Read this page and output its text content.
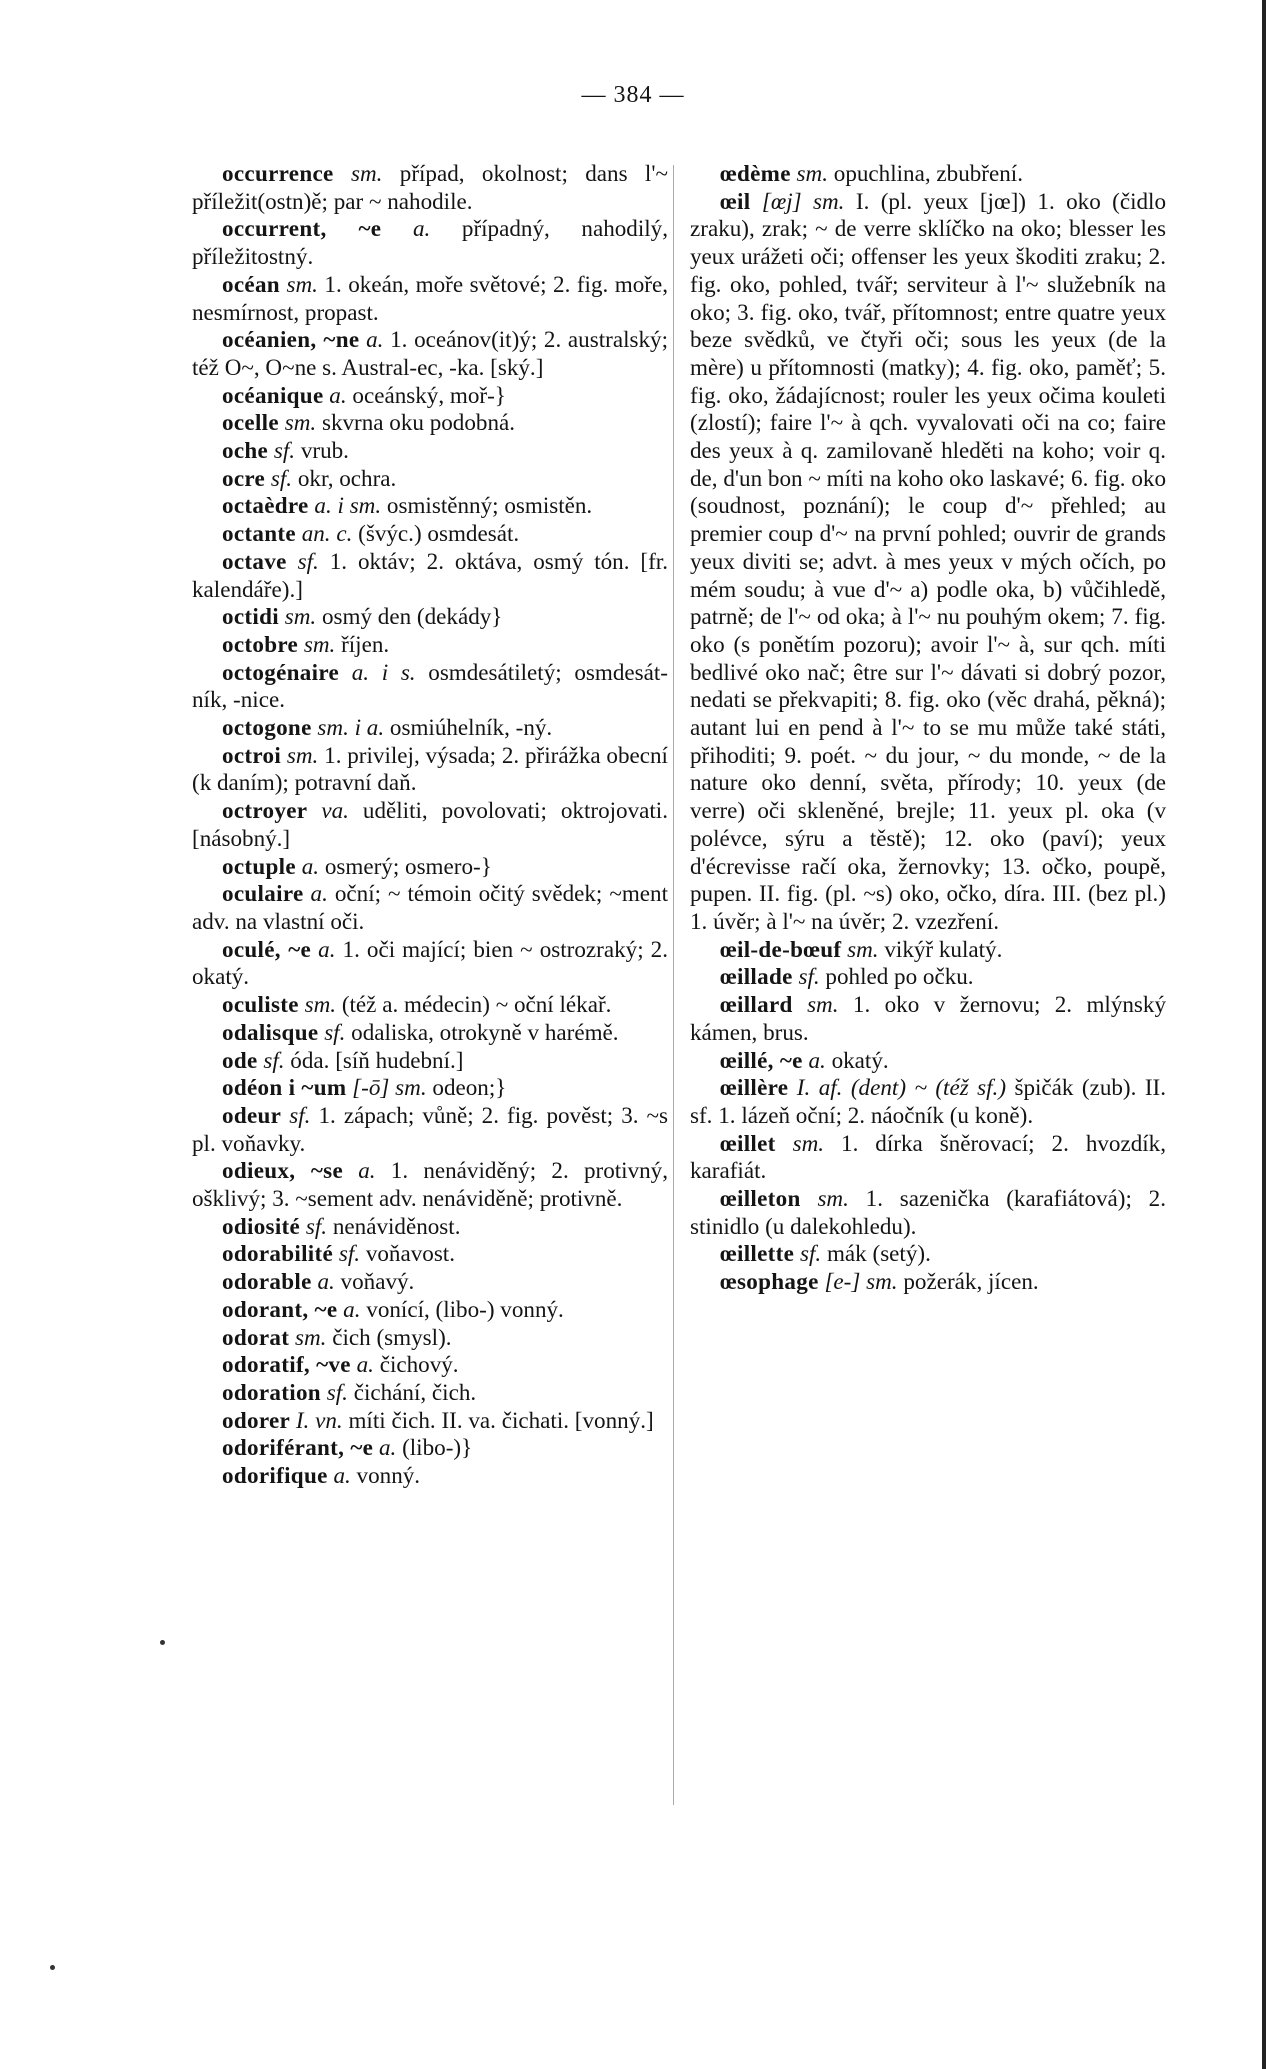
— 384 —

occurrence sm. případ, okolnost; dans l'~ příležit(ostn)ě; par ~ nahodile.

occurrent, ~e a. případný, nahodilý, příležitostný.

océan sm. 1. okeán, moře světové; 2. fig. moře, nesmírnost, propast.

océanien, ~ne a. 1. oceánov(it)ý; 2. australský; též O~, O~ne s. Austral-ec, -ka. [ský.]

océanique a. oceánský, moř-}

ocelle sm. skvrna oku podobná.

oche sf. vrub.

ocre sf. okr, ochra.

octaèdre a. i sm. osmistěnný; osmistěn.

octante an. c. (švýc.) osmdesát.

octave sf. 1. oktáv; 2. oktáva, osmý tón. [fr. kalendáře).]

octidi sm. osmý den (dekády}

octobre sm. říjen.

octogénaire a. i s. osmdesátiletý; osmdesát-ník, -nice.

octogone sm. i a. osmiúhelník, -ný.

octroi sm. 1. privilej, výsada; 2. přirážka obecní (k daním); potravní daň.

octroyer va. uděliti, povolovati; oktrojovati. [násobný.]

octuple a. osmerý; osmero-}

oculaire a. oční; ~ témoin očitý svědek; ~ment adv. na vlastní oči.

oculé, ~e a. 1. oči mající; bien ~ ostrozraký; 2. okatý.

oculiste sm. (též a. médecin) ~ oční lékař.

odalisque sf. odaliska, otrokyně v harémě.

ode sf. óda. [síň hudební.]

odéon i ~um [-ō] sm. odeon;}

odeur sf. 1. zápach; vůně; 2. fig. pověst; 3. ~s pl. voňavky.

odieux, ~se a. 1. nenáviděný; 2. protivný, ošklivý; 3. ~sement adv. nenáviděně; protivně.

odiosité sf. nenáviděnost.

odorabilité sf. voňavost.

odorable a. voňavý.

odorant, ~e a. vonící, (libo-) vonný.

odorat sm. čich (smysl).

odoratif, ~ve a. čichový.

odoration sf. čichání, čich.

odorer I. vn. míti čich. II. va. čichati. [vonný.]

odoriférant, ~e a. (libo-)}

odorifique a. vonný.

œdème sm. opuchlina, zbubření.

œil [œj] sm. I. (pl. yeux [jœ]) 1. oko (čidlo zraku), zrak; ~ de verre sklíčko na oko; blesser les yeux urážeti oči; offenser les yeux škoditi zraku; 2. fig. oko, pohled, tvář; serviteur à l'~ služebník na oko; 3. fig. oko, tvář, přítomnost; entre quatre yeux beze svědků, ve čtyři oči; sous les yeux (de la mère) u přítomnosti (matky); 4. fig. oko, paměť; 5. fig. oko, žádajícnost; rouler les yeux očima kouleti (zlostí); faire l'~ à qch. vyvalovati oči na co; faire des yeux à q. zamilovaně hleděti na koho; voir q. de, d'un bon ~ míti na koho oko laskavé; 6. fig. oko (soudnost, poznání); le coup d'~ přehled; au premier coup d'~ na první pohled; ouvrir de grands yeux diviti se; advt. à mes yeux v mých očích, po mém soudu; à vue d'~ a) podle oka, b) vůčihledě, patrně; de l'~ od oka; à l'~ nu pouhým okem; 7. fig. oko (s ponětím pozoru); avoir l'~ à, sur qch. míti bedlivé oko nač; être sur l'~ dávati si dobrý pozor, nedati se překvapiti; 8. fig. oko (věc drahá, pěkná); autant lui en pend à l'~ to se mu může také státi, přihoditi; 9. poét. ~ du jour, ~ du monde, ~ de la nature oko denní, světa, přírody; 10. yeux (de verre) oči skleněné, brejle; 11. yeux pl. oka (v polévce, sýru a těstě); 12. oko (paví); yeux d'écrevisse račí oka, žernovky; 13. očko, poupě, pupen. II. fig. (pl. ~s) oko, očko, díra. III. (bez pl.) 1. úvěr; à l'~ na úvěr; 2. vzezření.

œil-de-bœuf sm. vikýř kulatý.

œillade sf. pohled po očku.

œillard sm. 1. oko v žernovu; 2. mlýnský kámen, brus.

œillé, ~e a. okatý.

œillère I. af. (dent) ~ (též sf.) špičák (zub). II. sf. 1. lázeň oční; 2. náočník (u koně).

œillet sm. 1. dírka šněrovací; 2. hvozdík, karafiát.

œilleton sm. 1. sazenička (karafiátová); 2. stinidlo (u dalekohledu).

œillette sf. mák (setý).

œsophage [e-] sm. požerák, jícen.
